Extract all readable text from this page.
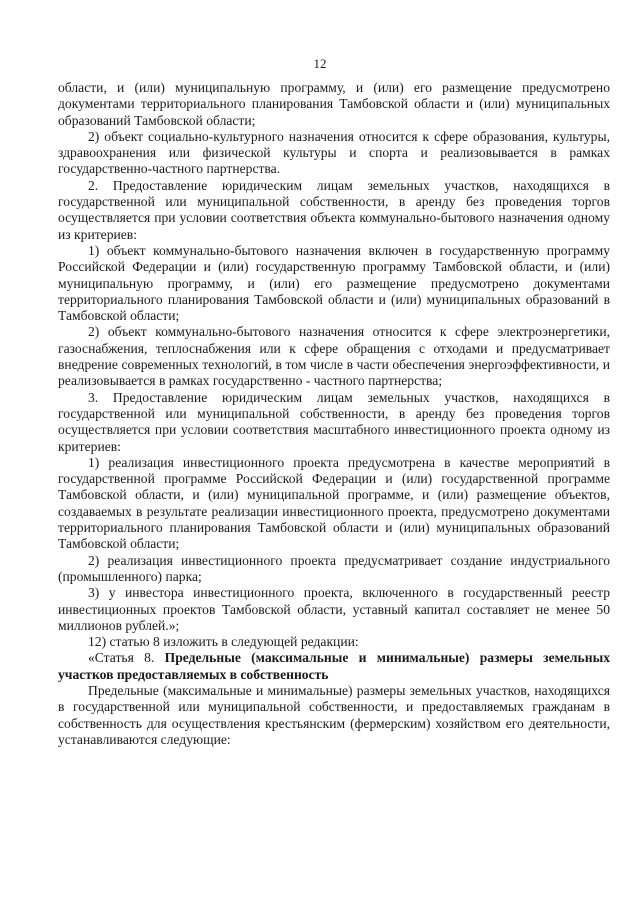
12

области, и (или) муниципальную программу, и (или) его размещение предусмотрено документами территориального планирования Тамбовской области и (или) муниципальных образований Тамбовской области;

2) объект социально-культурного назначения относится к сфере образования, культуры, здравоохранения или физической культуры и спорта и реализовывается в рамках государственно-частного партнерства.

2. Предоставление юридическим лицам земельных участков, находящихся в государственной или муниципальной собственности, в аренду без проведения торгов осуществляется при условии соответствия объекта коммунально-бытового назначения одному из критериев:

1) объект коммунально-бытового назначения включен в государственную программу Российской Федерации и (или) государственную программу Тамбовской области, и (или) муниципальную программу, и (или) его размещение предусмотрено документами территориального планирования Тамбовской области и (или) муниципальных образований в Тамбовской области;

2) объект коммунально-бытового назначения относится к сфере электроэнергетики, газоснабжения, теплоснабжения или к сфере обращения с отходами и предусматривает внедрение современных технологий, в том числе в части обеспечения энергоэффективности, и реализовывается в рамках государственно - частного партнерства;

3. Предоставление юридическим лицам земельных участков, находящихся в государственной или муниципальной собственности, в аренду без проведения торгов осуществляется при условии соответствия масштабного инвестиционного проекта одному из критериев:

1) реализация инвестиционного проекта предусмотрена в качестве мероприятий в государственной программе Российской Федерации и (или) государственной программе Тамбовской области, и (или) муниципальной программе, и (или) размещение объектов, создаваемых в результате реализации инвестиционного проекта, предусмотрено документами территориального планирования Тамбовской области и (или) муниципальных образований Тамбовской области;

2) реализация инвестиционного проекта предусматривает создание индустриального (промышленного) парка;

3) у инвестора инвестиционного проекта, включенного в государственный реестр инвестиционных проектов Тамбовской области, уставный капитал составляет не менее 50 миллионов рублей.»;

12) статью 8 изложить в следующей редакции:

«Статья 8. Предельные (максимальные и минимальные) размеры земельных участков предоставляемых в собственность

Предельные (максимальные и минимальные) размеры земельных участков, находящихся в государственной или муниципальной собственности, и предоставляемых гражданам в собственность для осуществления крестьянским (фермерским) хозяйством его деятельности, устанавливаются следующие:
